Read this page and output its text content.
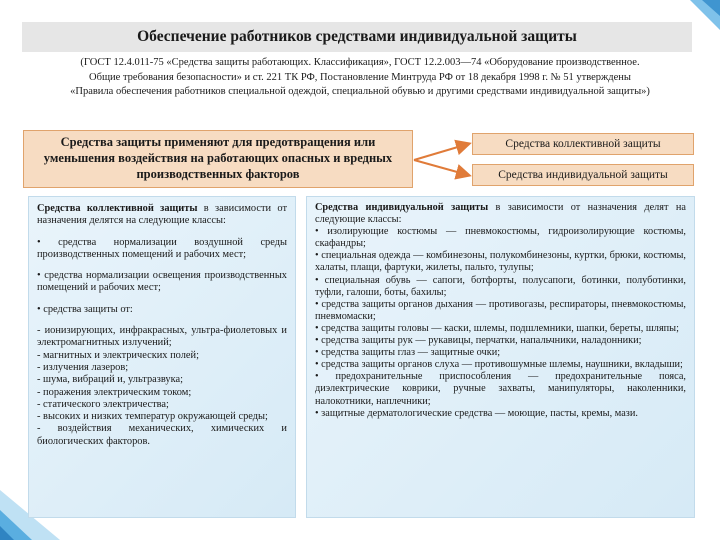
Обеспечение работников средствами индивидуальной защиты
(ГОСТ 12.4.011-75 «Средства защиты работающих. Классификация», ГОСТ 12.2.003—74 «Оборудование производственное.
Общие требования безопасности» и ст. 221 ТК РФ, Постановление Минтруда РФ от 18 декабря 1998 г. № 51 утверждены
«Правила обеспечения работников специальной одеждой, специальной обувью и другими средствами индивидуальной защиты»)
Средства защиты применяют для предотвращения или уменьшения воздействия на работающих опасных и вредных производственных факторов
Средства коллективной защиты
Средства индивидуальной защиты

Средства коллективной защиты в зависимости от назначения делятся на следующие классы:

• средства нормализации воздушной среды производственных помещений и рабочих мест;

• средства нормализации освещения производственных помещений и рабочих мест;

• средства защиты от:

- ионизирующих, инфракрасных, ультра-фиолетовых и электромагнитных излучений;

- магнитных и электрических полей;

- излучения лазеров;

- шума, вибраций и, ультразвука;

- поражения электрическим током;

- статического электричества;

- высоких и низких температур окружающей среды;

- воздействия механических, химических и биологических факторов.

Средства индивидуальной защиты в зависимости от назначения делят на следующие классы:

• изолирующие костюмы — пневмокостюмы, гидроизолирующие костюмы, скафандры;

• специальная одежда — комбинезоны, полукомбинезоны, куртки, брюки, костюмы, халаты, плащи, фартуки, жилеты, пальто, тулупы;

• специальная обувь — сапоги, ботфорты, полусапоги, ботинки, полуботинки, туфли, галоши, боты, бахилы;

• средства защиты органов дыхания — противогазы, респираторы, пневмокостюмы, пневмомаски;

• средства защиты головы — каски, шлемы, подшлемники, шапки, береты, шляпы;

• средства защиты рук — рукавицы, перчатки, напальчники, наладонники;

• средства защиты глаз — защитные очки;

• средства защиты органов слуха — противошумные шлемы, наушники, вкладыши;

• предохранительные приспособления — предохранительные пояса, диэлектрические коврики, ручные захваты, манипуляторы, наколенники, налокотники, наплечники;

• защитные дерматологические средства — моющие, пасты, кремы, мази.
